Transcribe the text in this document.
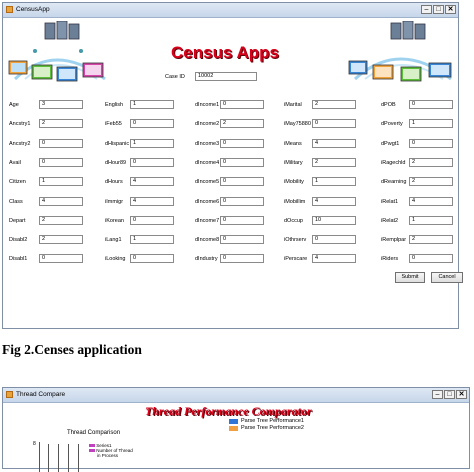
CensusApp	–	□ ✕
Census Apps
Case ID	10002
Age	3
Ancstry1	2
Ancstry2	0
Avail	0
Citizen	1
Class	4
Depart	2
Disabl2	2
Disabl1	0
English	1
iFeb55	0
dHispanic 1
dHour89	0
dHours	4
iImmigr	4
iKorean	0
iLang1	1
iLooking	0
dIncome1 0
dIncome2 2
dIncome3 0
dIncome4 0
dIncome5 0
dIncome6 0
dIncome7 0
dIncome8 0
dIndustry 0
iMarital	2
iMay75880 0
iMeans	4
iMilitary	2
iMobility	1
iMobillim	4
dOccup	10
iOthrserv	0
iPerscare	4
dPOB	0
dPoverty	1
dPwgt1	0
iRagechld	2
dRearning	2
iRelat1	4
iRelat2	1
iRemplpar	2
iRiders	0
Submit	Cancel
Fig 2.Censes application
Thread Compare	–	□ ✕
Thread Performance Comparator
Parse Tree Performance1
Parse Tree Performance2
Thread Comparison
8	Series1
Number of Thread
in Process
